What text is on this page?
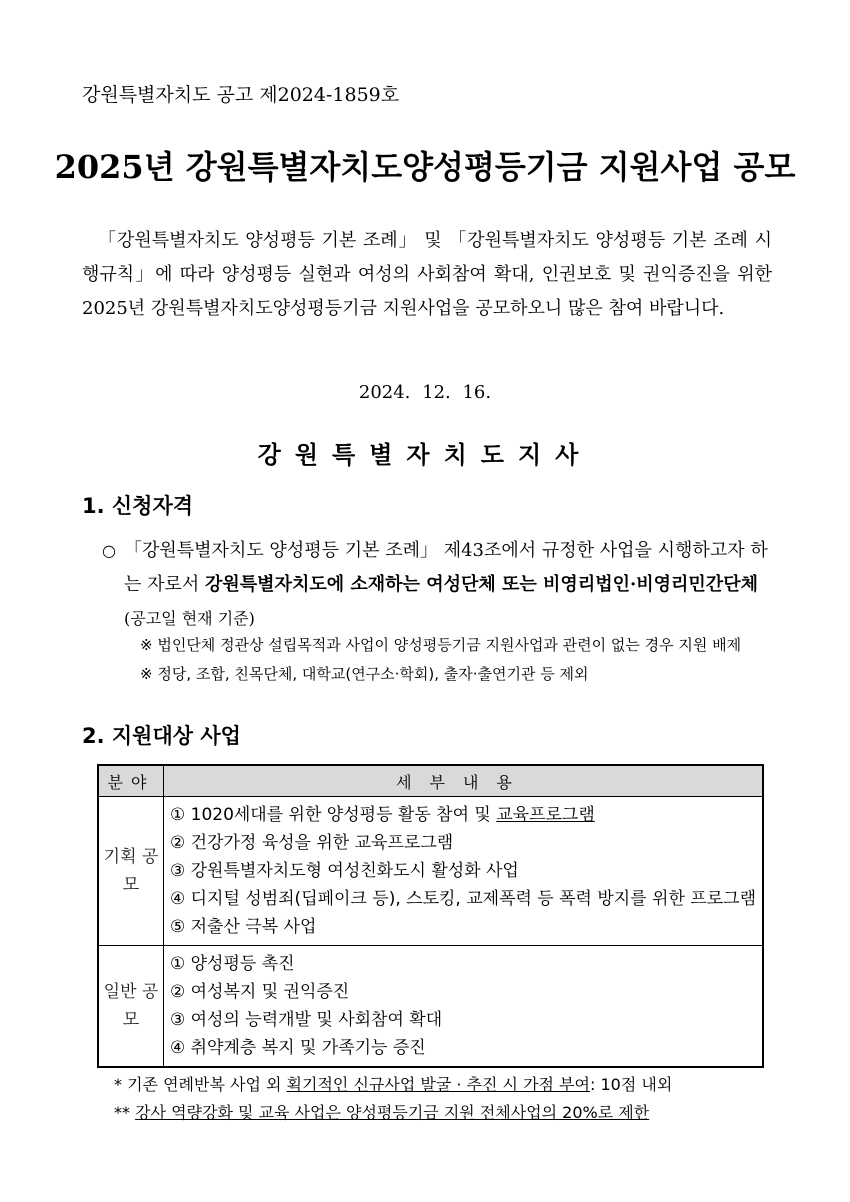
강원특별자치도 공고 제2024-1859호
2025년 강원특별자치도양성평등기금 지원사업 공모
「강원특별자치도 양성평등 기본 조례」 및 「강원특별자치도 양성평등 기본 조례 시행규칙」에 따라 양성평등 실현과 여성의 사회참여 확대, 인권보호 및 권익증진을 위한 2025년 강원특별자치도양성평등기금 지원사업을 공모하오니 많은 참여 바랍니다.
2024. 12. 16.
강원특별자치도지사
1. 신청자격
○ 「강원특별자치도 양성평등 기본 조례」 제43조에서 규정한 사업을 시행하고자 하는 자로서 강원특별자치도에 소재하는 여성단체 또는 비영리법인·비영리민간단체(공고일 현재 기준)
※ 법인단체 정관상 설립목적과 사업이 양성평등기금 지원사업과 관련이 없는 경우 지원 배제
※ 정당, 조합, 친목단체, 대학교(연구소·학회), 출자·출연기관 등 제외
2. 지원대상 사업
분야	세부내용
기획 공모	① 1020세대를 위한 양성평등 활동 참여 및 교육프로그램
② 건강가정 육성을 위한 교육프로그램
③ 강원특별자치도형 여성친화도시 활성화 사업
④ 디지털 성범죄(딥페이크 등), 스토킹, 교제폭력 등 폭력 방지를 위한 프로그램
⑤ 저출산 극복 사업

일반 공모	① 양성평등 촉진
② 여성복지 및 권익증진
③ 여성의 능력개발 및 사회참여 확대
④ 취약계층 복지 및 가족기능 증진
* 기존 연례반복 사업 외 획기적인 신규사업 발굴 · 추진 시 가점 부여: 10점 내외
** 강사 역량강화 및 교육 사업은 양성평등기금 지원 전체사업의 20%로 제한
